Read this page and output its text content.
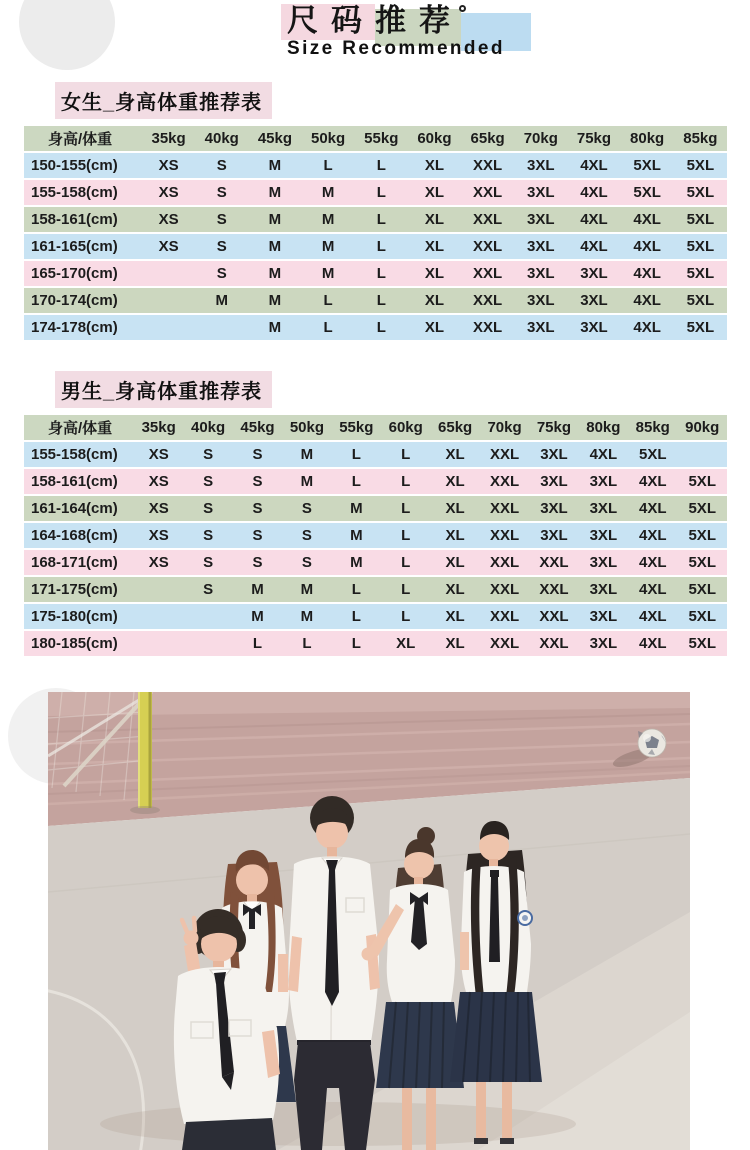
尺码推荐
Size Recommended
女生_身高体重推荐表
身高/体重	35kg	40kg	45kg	50kg	55kg	60kg	65kg	70kg	75kg	80kg	85kg
150-155(cm)	XS	S	M	L	L	XL	XXL	3XL	4XL	5XL	5XL
155-158(cm)	XS	S	M	M	L	XL	XXL	3XL	4XL	5XL	5XL
158-161(cm)	XS	S	M	M	L	XL	XXL	3XL	4XL	4XL	5XL
161-165(cm)	XS	S	M	M	L	XL	XXL	3XL	4XL	4XL	5XL
165-170(cm)		S	M	M	L	XL	XXL	3XL	3XL	4XL	5XL
170-174(cm)		M	M	L	L	XL	XXL	3XL	3XL	4XL	5XL
174-178(cm)			M	L	L	XL	XXL	3XL	3XL	4XL	5XL
男生_身高体重推荐表
身高/体重	35kg	40kg	45kg	50kg	55kg	60kg	65kg	70kg	75kg	80kg	85kg	90kg
155-158(cm)	XS	S	S	M	L	L	XL	XXL	3XL	4XL	5XL	
158-161(cm)	XS	S	S	M	L	L	XL	XXL	3XL	3XL	4XL	5XL
161-164(cm)	XS	S	S	S	M	L	XL	XXL	3XL	3XL	4XL	5XL
164-168(cm)	XS	S	S	S	M	L	XL	XXL	3XL	3XL	4XL	5XL
168-171(cm)	XS	S	S	S	M	L	XL	XXL	XXL	3XL	4XL	5XL
171-175(cm)		S	M	M	L	L	XL	XXL	XXL	3XL	4XL	5XL
175-180(cm)			M	M	L	L	XL	XXL	XXL	3XL	4XL	5XL
180-185(cm)			L	L	L	XL	XL	XXL	XXL	3XL	4XL	5XL
